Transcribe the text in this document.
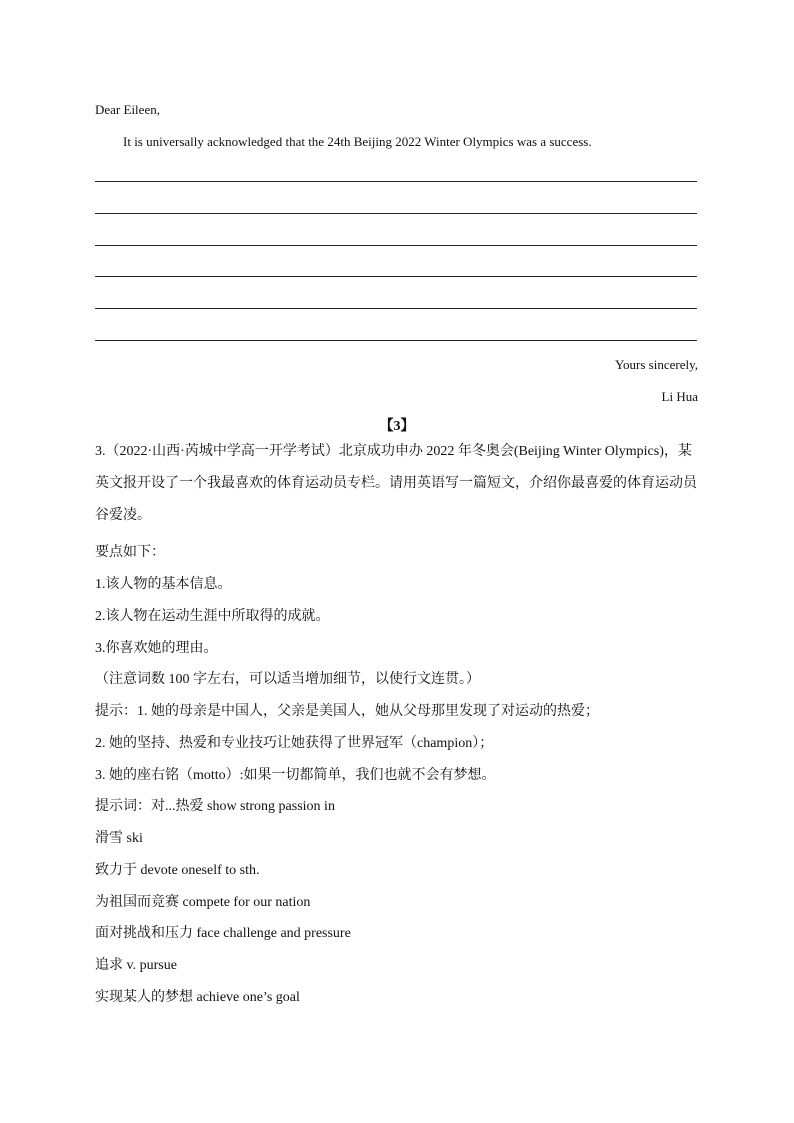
Dear Eileen,
It is universally acknowledged that the 24th Beijing 2022 Winter Olympics was a success.
Yours sincerely,
Li Hua
【3】
3.（2022·山西·芮城中学高一开学考试）北京成功申办 2022 年冬奥会(Beijing Winter Olympics)，某英文报开设了一个我最喜欢的体育运动员专栏。请用英语写一篇短文，介绍你最喜爱的体育运动员谷爱凌。
要点如下：
1.该人物的基本信息。
2.该人物在运动生涯中所取得的成就。
3.你喜欢她的理由。
（注意词数 100 字左右，可以适当增加细节，以使行文连贯。）
提示：1. 她的母亲是中国人，父亲是美国人，她从父母那里发现了对运动的热爱；
2. 她的坚持、热爱和专业技巧让她获得了世界冠军（champion）；
3. 她的座右铭（motto）:如果一切都简单，我们也就不会有梦想。
提示词：对...热爱 show strong passion in
滑雪 ski
致力于 devote oneself to sth.
为祖国而竞赛 compete for our nation
面对挑战和压力 face challenge and pressure
追求 v. pursue
实现某人的梦想 achieve one’s goal
